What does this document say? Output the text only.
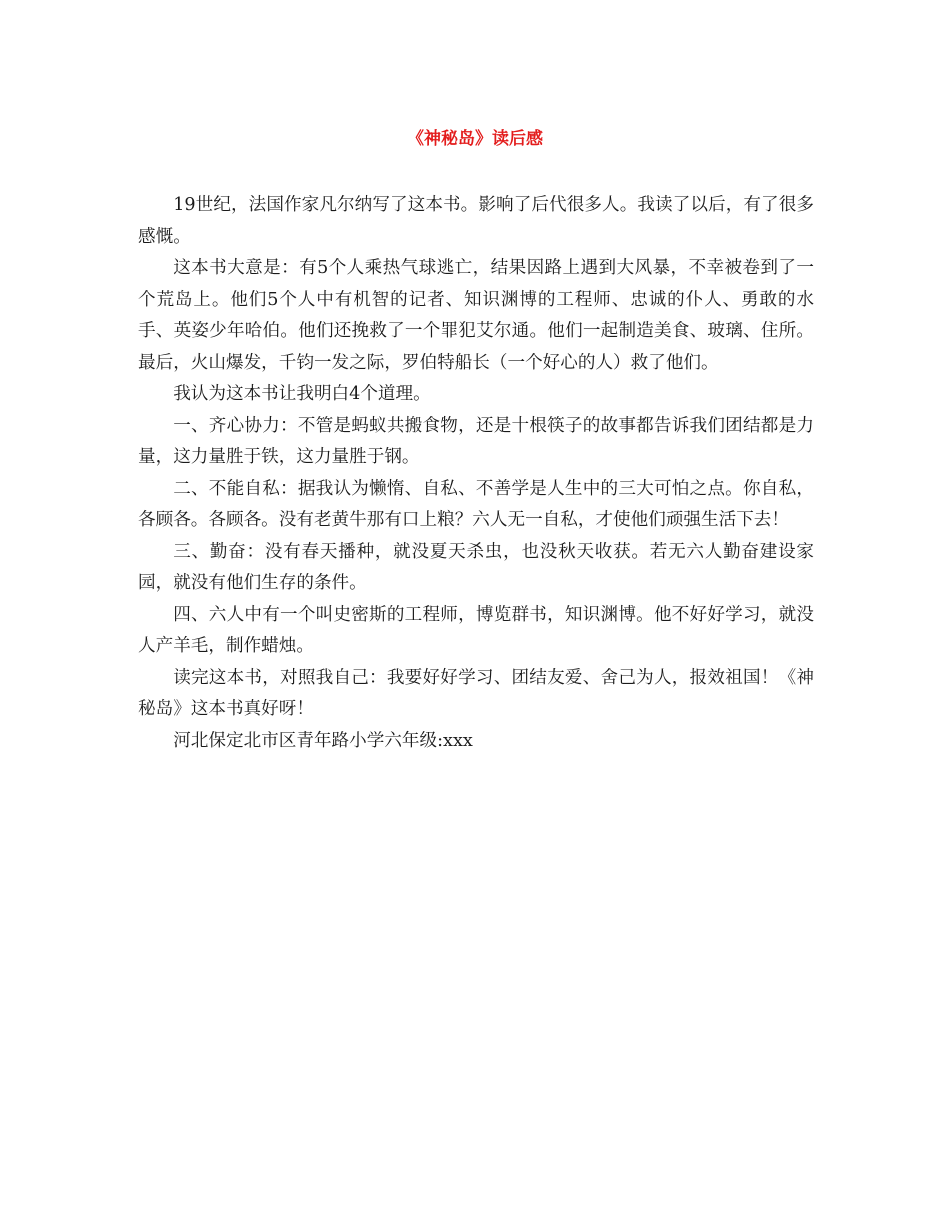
《神秘岛》读后感

19世纪，法国作家凡尔纳写了这本书。影响了后代很多人。我读了以后，有了很多感慨。

这本书大意是：有5个人乘热气球逃亡，结果因路上遇到大风暴，不幸被卷到了一个荒岛上。他们5个人中有机智的记者、知识渊博的工程师、忠诚的仆人、勇敢的水手、英姿少年哈伯。他们还挽救了一个罪犯艾尔通。他们一起制造美食、玻璃、住所。最后，火山爆发，千钧一发之际，罗伯特船长（一个好心的人）救了他们。

我认为这本书让我明白4个道理。

一、齐心协力：不管是蚂蚁共搬食物，还是十根筷子的故事都告诉我们团结都是力量，这力量胜于铁，这力量胜于钢。

二、不能自私：据我认为懒惰、自私、不善学是人生中的三大可怕之点。你自私，各顾各。各顾各。没有老黄牛那有口上粮？六人无一自私，才使他们顽强生活下去！

三、勤奋：没有春天播种，就没夏天杀虫，也没秋天收获。若无六人勤奋建设家园，就没有他们生存的条件。

四、六人中有一个叫史密斯的工程师，博览群书，知识渊博。他不好好学习，就没人产羊毛，制作蜡烛。

读完这本书，对照我自己：我要好好学习、团结友爱、舍己为人，报效祖国！《神秘岛》这本书真好呀！

河北保定北市区青年路小学六年级:xxx
